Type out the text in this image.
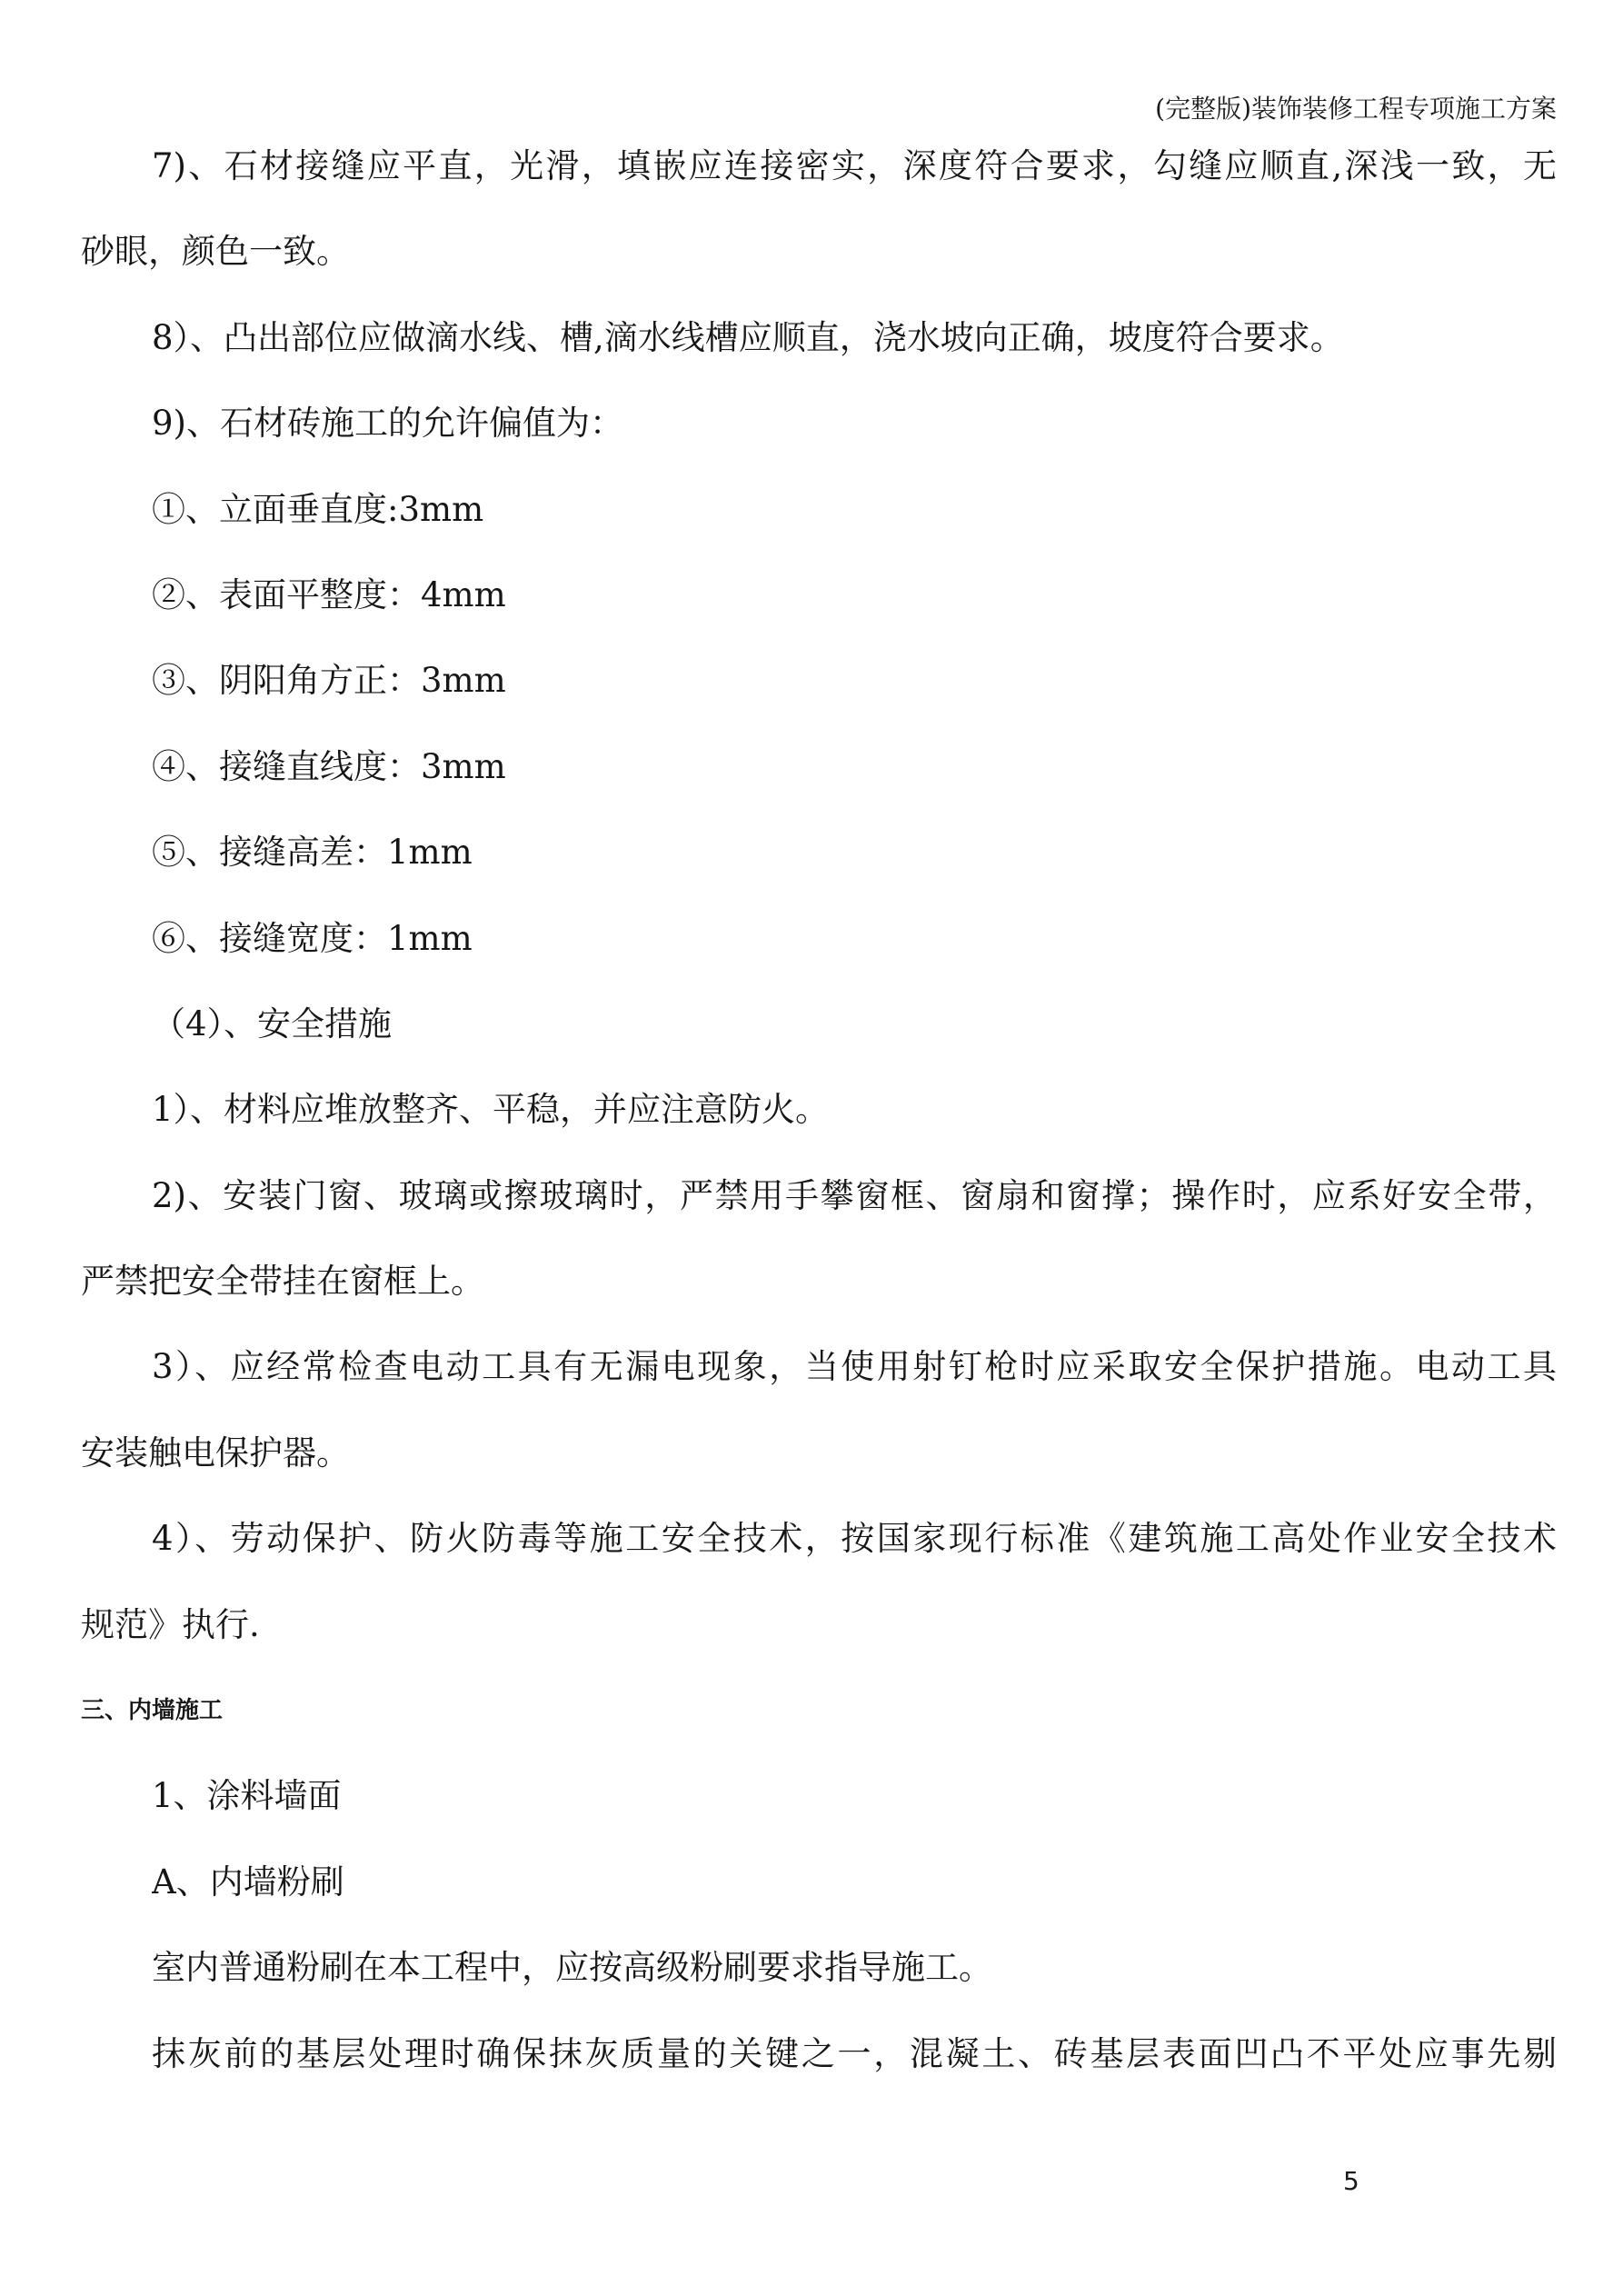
(完整版)装饰装修工程专项施工方案
7)、石材接缝应平直，光滑，填嵌应连接密实，深度符合要求，勾缝应顺直,深浅一致，无
砂眼，颜色一致。
8）、凸出部位应做滴水线、槽,滴水线槽应顺直，浇水坡向正确，坡度符合要求。
9)、石材砖施工的允许偏值为：
①、立面垂直度:3mm
②、表面平整度：4mm
③、阴阳角方正：3mm
④、接缝直线度：3mm
⑤、接缝高差：1mm
⑥、接缝宽度：1mm
（4）、安全措施
1）、材料应堆放整齐、平稳，并应注意防火。
2)、安装门窗、玻璃或擦玻璃时，严禁用手攀窗框、窗扇和窗撑；操作时，应系好安全带，
严禁把安全带挂在窗框上。
3）、应经常检查电动工具有无漏电现象，当使用射钉枪时应采取安全保护措施。电动工具
安装触电保护器。
4）、劳动保护、防火防毒等施工安全技术，按国家现行标准《建筑施工高处作业安全技术
规范》执行.
三、内墙施工
1、涂料墙面
A、内墙粉刷
室内普通粉刷在本工程中，应按高级粉刷要求指导施工。
抹灰前的基层处理时确保抹灰质量的关键之一，混凝土、砖基层表面凹凸不平处应事先剔
5
